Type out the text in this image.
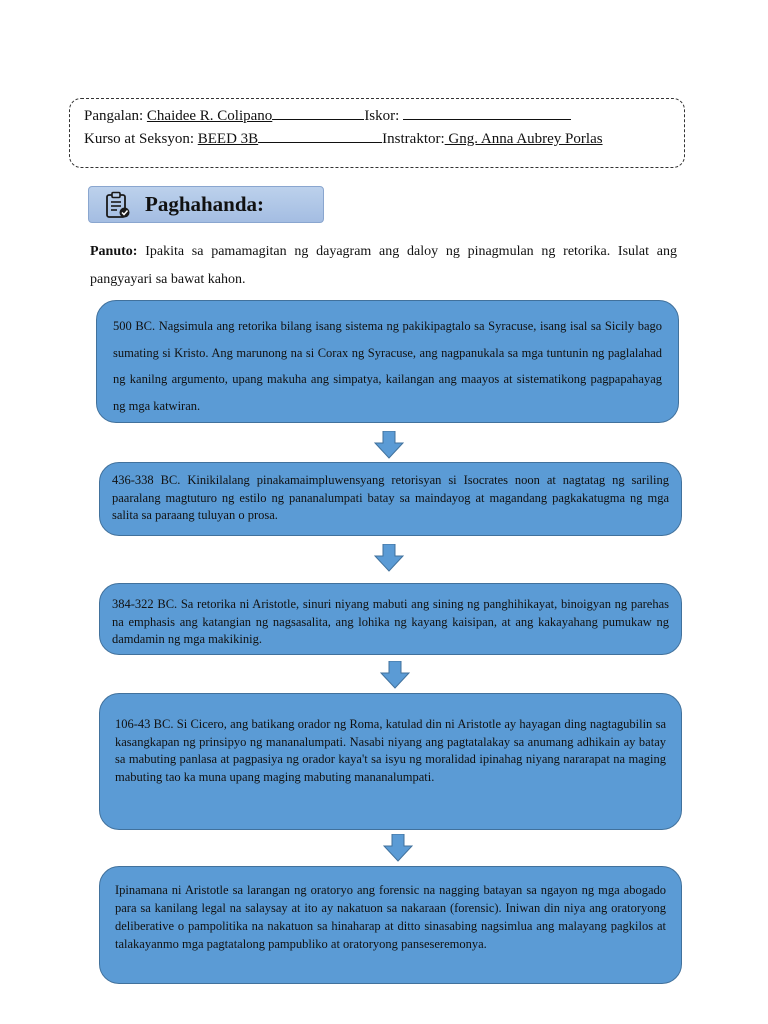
Pangalan: Chaidee R. Colipano	Iskor:
Kurso at Seksyon: BEED 3B	Instraktor: Gng. Anna Aubrey Porlas
Paghahanda:
Panuto: Ipakita sa pamamagitan ng dayagram ang daloy ng pinagmulan ng retorika. Isulat ang pangyayari sa bawat kahon.

500 BC. Nagsimula ang retorika bilang isang sistema ng pakikipagtalo sa Syracuse, isang isal sa Sicily bago sumating si Kristo. Ang marunong na si Corax ng Syracuse, ang nagpanukala sa mga tuntunin ng paglalahad ng kanilng argumento, upang makuha ang simpatya, kailangan ang maayos at sistematikong pagpapahayag ng mga katwiran.

436-338 BC. Kinikilalang pinakamaimpluwensyang retorisyan si Isocrates noon at nagtatag ng sariling paaralang magtuturo ng estilo ng pananalumpati batay sa maindayog at magandang pagkakatugma ng mga salita sa paraang tuluyan o prosa.

384-322 BC. Sa retorika ni Aristotle, sinuri niyang mabuti ang sining ng panghihikayat, binoigyan ng parehas na emphasis ang katangian ng nagsasalita, ang lohika ng kayang kaisipan, at ang kakayahang pumukaw ng damdamin ng mga makikinig.

106-43 BC. Si Cicero, ang batikang orador ng Roma, katulad din ni Aristotle ay hayagan ding nagtagubilin sa kasangkapan ng prinsipyo ng mananalumpati. Nasabi niyang ang pagtatalakay sa anumang adhikain ay batay sa mabuting panlasa at pagpasiya ng orador kaya't sa isyu ng moralidad ipinahag niyang nararapat na maging mabuting tao ka muna upang maging mabuting mananalumpati.

Ipinamana ni Aristotle sa larangan ng oratoryo ang forensic na nagging batayan sa ngayon ng mga abogado para sa kanilang legal na salaysay at ito ay nakatuon sa nakaraan (forensic). Iniwan din niya ang oratoryong deliberative o pampolitika na nakatuon sa hinaharap at ditto sinasabing nagsimlua ang malayang pagkilos at talakayanmo mga pagtatalong pampubliko at oratoryong panseseremonya.
